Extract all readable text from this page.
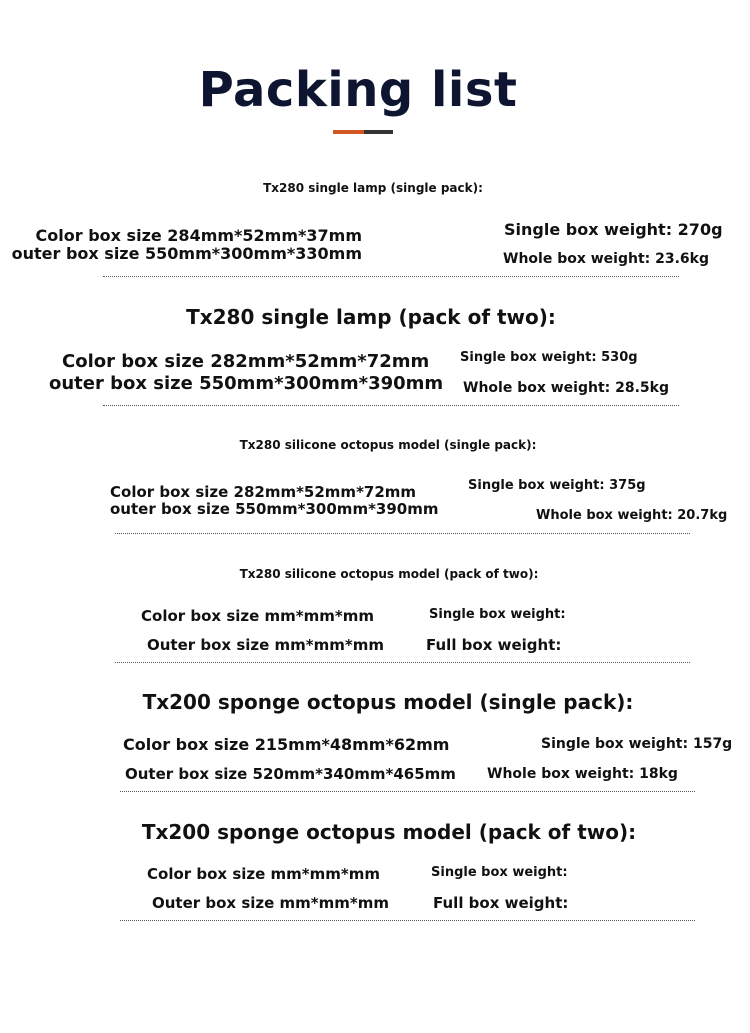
Packing list
Tx280 single lamp (single pack):
Color box size 284mm*52mm*37mm
outer box size 550mm*300mm*330mm
Single box weight: 270g
Whole box weight: 23.6kg
Tx280 single lamp (pack of two):
Color box size 282mm*52mm*72mm
outer box size 550mm*300mm*390mm
Single box weight: 530g
Whole box weight: 28.5kg
Tx280 silicone octopus model (single pack):
Color box size 282mm*52mm*72mm
outer box size 550mm*300mm*390mm
Single box weight: 375g
Whole box weight: 20.7kg
Tx280 silicone octopus model (pack of two):
Color box size mm*mm*mm
Outer box size mm*mm*mm
Single box weight:
Full box weight:
Tx200 sponge octopus model (single pack):
Color box size 215mm*48mm*62mm
Outer box size 520mm*340mm*465mm
Single box weight: 157g
Whole box weight: 18kg
Tx200 sponge octopus model (pack of two):
Color box size mm*mm*mm
Outer box size mm*mm*mm
Single box weight:
Full box weight:
